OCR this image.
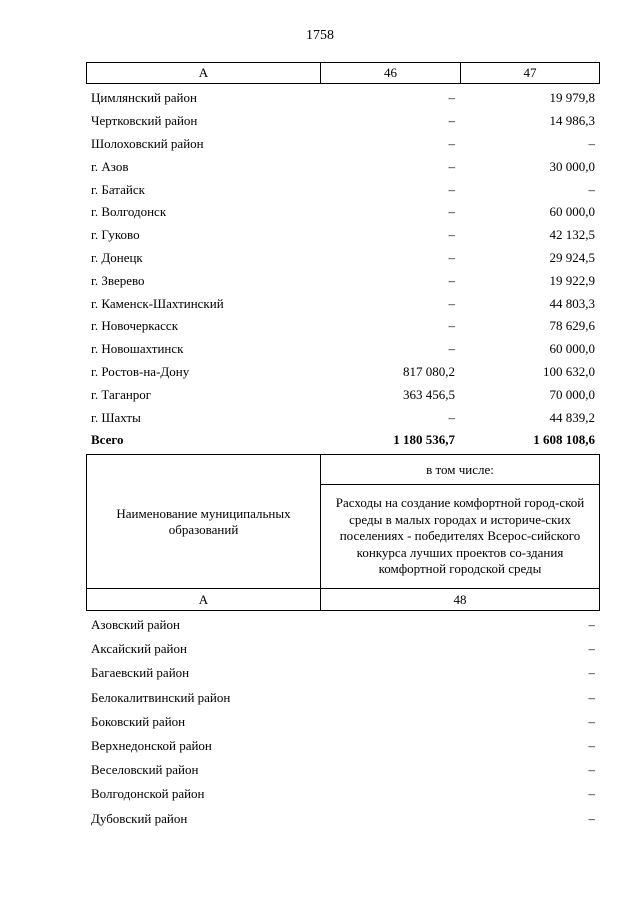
1758
А	46	47
Цимлянский район	–	19 979,8
Чертковский район	–	14 986,3
Шолоховский район	–	–
г. Азов	–	30 000,0
г. Батайск	–	–
г. Волгодонск	–	60 000,0
г. Гуково	–	42 132,5
г. Донецк	–	29 924,5
г. Зверево	–	19 922,9
г. Каменск-Шахтинский	–	44 803,3
г. Новочеркасск	–	78 629,6
г. Новошахтинск	–	60 000,0
г. Ростов-на-Дону	817 080,2	100 632,0
г. Таганрог	363 456,5	70 000,0
г. Шахты	–	44 839,2
Всего	1 180 536,7	1 608 108,6
Наименование муниципальных образований
в том числе:
Расходы на создание комфортной город-ской среды в малых городах и историче-ских поселениях - победителях Всерос-сийского конкурса лучших проектов со-здания комфортной городской среды
А	48
Азовский район	–
Аксайский район	–
Багаевский район	–
Белокалитвинский район	–
Боковский район	–
Верхнедонской район	–
Веселовский район	–
Волгодонской район	–
Дубовский район	–
